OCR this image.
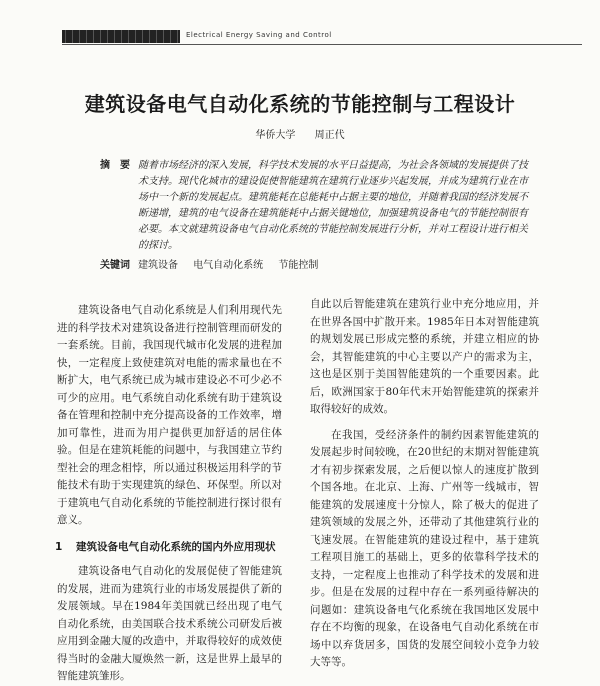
Electrical Energy Saving and Control
建筑设备电气自动化系统的节能控制与工程设计
华侨大学 周正代
摘　要 随着市场经济的深入发展，科学技术发展的水平日益提高，为社会各领域的发展提供了技术支持。现代化城市的建设促使智能建筑在建筑行业逐步兴起发展，并成为建筑行业在市场中一个新的发展起点。建筑能耗在总能耗中占据主要的地位，并随着我国的经济发展不断递增，建筑的电气设备在建筑能耗中占据关键地位，加强建筑设备电气的节能控制很有必要。本文就建筑设备电气自动化系统的节能控制发展进行分析，并对工程设计进行相关的探讨。
关键词 建筑设备 电气自动化系统 节能控制

建筑设备电气自动化系统是人们利用现代先进的科学技术对建筑设备进行控制管理而研发的一套系统。目前，我国现代城市化发展的进程加快，一定程度上致使建筑对电能的需求量也在不断扩大，电气系统已成为城市建设必不可少必不可少的应用。电气系统自动化系统有助于建筑设备在管理和控制中充分提高设备的工作效率，增加可靠性，进而为用户提供更加舒适的居住体验。但是在建筑耗能的问题中，与我国建立节约型社会的理念相悖，所以通过积极运用科学的节能技术有助于实现建筑的绿色、环保型。所以对于建筑电气自动化系统的节能控制进行探讨很有意义。

1 建筑设备电气自动化系统的国内外应用现状

建筑设备电气自动化的发展促使了智能建筑的发展，进而为建筑行业的市场发展提供了新的发展领域。早在1984年美国就已经出现了电气自动化系统，由美国联合技术系统公司研发后被应用到金融大厦的改造中，并取得较好的成效使得当时的金融大厦焕然一新，这是世界上最早的智能建筑雏形。

自此以后智能建筑在建筑行业中充分地应用，并在世界各国中扩散开来。1985年日本对智能建筑的规划发展已形成完整的系统，并建立相应的协会，其智能建筑的中心主要以产户的需求为主，这也是区别于美国智能建筑的一个重要因素。此后，欧洲国家于80年代末开始智能建筑的探索并取得较好的成效。

在我国，受经济条件的制约因素智能建筑的发展起步时间较晚，在20世纪的末期对智能建筑才有初步探索发展，之后便以惊人的速度扩散到个国各地。在北京、上海、广州等一线城市，智能建筑的发展速度十分惊人，除了极大的促进了建筑领域的发展之外，还带动了其他建筑行业的飞速发展。在智能建筑的建设过程中，基于建筑工程项目施工的基础上，更多的依靠科学技术的支持，一定程度上也推动了科学技术的发展和进步。但是在发展的过程中存在一系列亟待解决的问题如：建筑设备电气化系统在我国地区发展中存在不均衡的现象，在设备电气自动化系统在市场中以弃货居多，国货的发展空间较小竞争力较大等等。
